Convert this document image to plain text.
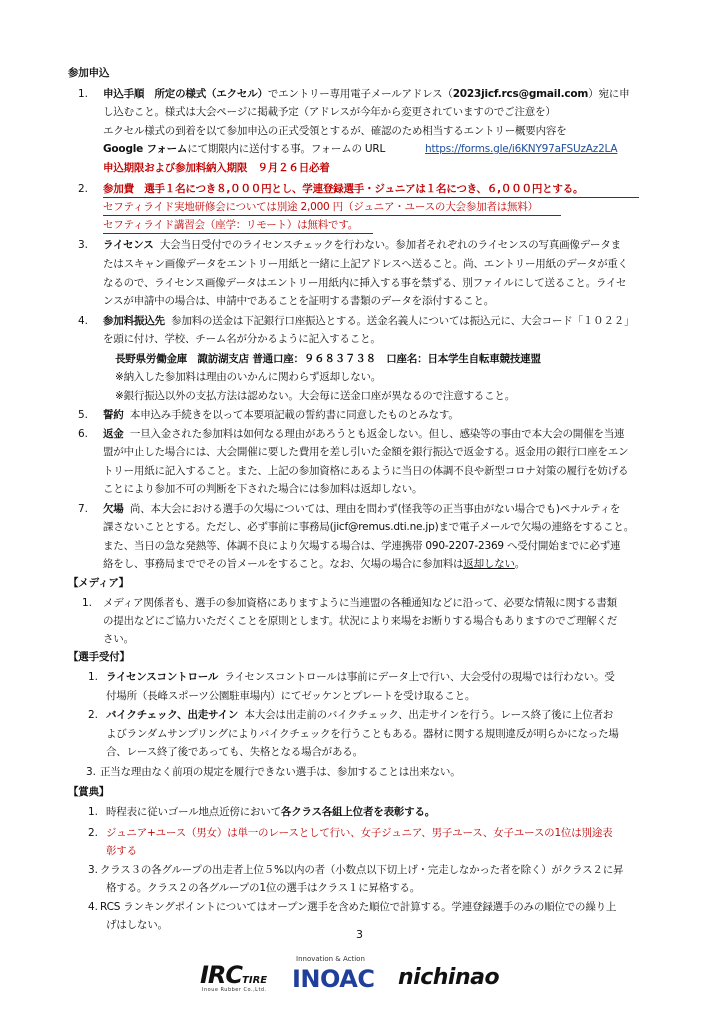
参加申込
1. 申込手順　所定の様式（エクセル）でエントリー専用電子メールアドレス（2023jicf.rcs@gmail.com）宛に申
し込むこと。様式は大会ページに掲載予定（アドレスが今年から変更されていますのでご注意を）
エクセル様式の到着を以て参加申込の正式受領とするが、確認のため相当するエントリー概要内容を
Google フォームにて期限内に送付する事。フォームの URL	https://forms.gle/i6KNY97aFSUzAz2LA
申込期限および参加料納入期限　９月２６日必着
2. 参加費　選手１名につき８,０００円とし、学連登録選手・ジュニアは１名につき、６,０００円とする。
セフティライド実地研修会については別途 2,000 円（ジュニア・ユースの大会参加者は無料）
セフティライド講習会（座学：リモート）は無料です。
3. ライセンス 大会当日受付でのライセンスチェックを行わない。参加者それぞれのライセンスの写真画像データま
たはスキャン画像データをエントリー用紙と一緒に上記アドレスへ送ること。尚、エントリー用紙のデータが重く
なるので、ライセンス画像データはエントリー用紙内に挿入する事を禁ずる、別ファイルにして送ること。ライセ
ンスが申請中の場合は、申請中であることを証明する書類のデータを添付すること。
4. 参加料振込先 参加料の送金は下記銀行口座振込とする。送金名義人については振込元に、大会コード「１０２２」
を頭に付け、学校、チーム名が分かるように記入すること。
長野県労働金庫　諏訪湖支店 普通口座：９６８３７３８　口座名：日本学生自転車競技連盟
※納入した参加料は理由のいかんに関わらず返却しない。
※銀行振込以外の支払方法は認めない。大会毎に送金口座が異なるので注意すること。
5. 誓約 本申込み手続きを以って本要項記載の誓約書に同意したものとみなす。
6. 返金 一旦入金された参加料は如何なる理由があろうとも返金しない。但し、感染等の事由で本大会の開催を当連
盟が中止した場合には、大会開催に要した費用を差し引いた金額を銀行振込で返金する。返金用の銀行口座をエン
トリー用紙に記入すること。また、上記の参加資格にあるように当日の体調不良や新型コロナ対策の履行を妨げる
ことにより参加不可の判断を下された場合には参加料は返却しない。
7. 欠場 尚、本大会における選手の欠場については、理由を問わず(怪我等の正当事由がない場合でも)ペナルティを
課さないこととする。ただし、必ず事前に事務局(jicf@remus.dti.ne.jp)まで電子メールで欠場の連絡をすること。
また、当日の急な発熱等、体調不良により欠場する場合は、学連携帯 090-2207-2369 へ受付開始までに必ず連
絡をし、事務局まででその旨メールをすること。なお、欠場の場合に参加料は返却しない。
【メディア】
1. メディア関係者も、選手の参加資格にありますように当連盟の各種通知などに沿って、必要な情報に関する書類
の提出などにご協力いただくことを原則とします。状況により来場をお断りする場合もありますのでご理解くだ
さい。
【選手受付】
1. ライセンスコントロール ライセンスコントロールは事前にデータ上で行い、大会受付の現場では行わない。受
付場所（長峰スポーツ公園駐車場内）にてゼッケンとプレートを受け取ること。
2. バイクチェック、出走サイン 本大会は出走前のバイクチェック、出走サインを行う。レース終了後に上位者お
よびランダムサンプリングによりバイクチェックを行うこともある。器材に関する規則違反が明らかになった場
合、レース終了後であっても、失格となる場合がある。
3. 正当な理由なく前項の規定を履行できない選手は、参加することは出来ない。
【賞典】
1. 時程表に従いゴール地点近傍において各クラス各組上位者を表彰する。
2. ジュニア+ユース（男女）は単一のレースとして行い、女子ジュニア、男子ユース、女子ユースの1位は別途表
彰する
3. クラス３の各グループの出走者上位５%以内の者（小数点以下切上げ・完走しなかった者を除く）がクラス２に昇
格する。クラス２の各グループの1位の選手はクラス１に昇格する。
4. RCS ランキングポイントについてはオープン選手を含めた順位で計算する。学連登録選手のみの順位での繰り上
げはしない。
3
IRCTIRE
Inoue Rubber Co.,Ltd.
Innovation & Action
INOAC nichinao
